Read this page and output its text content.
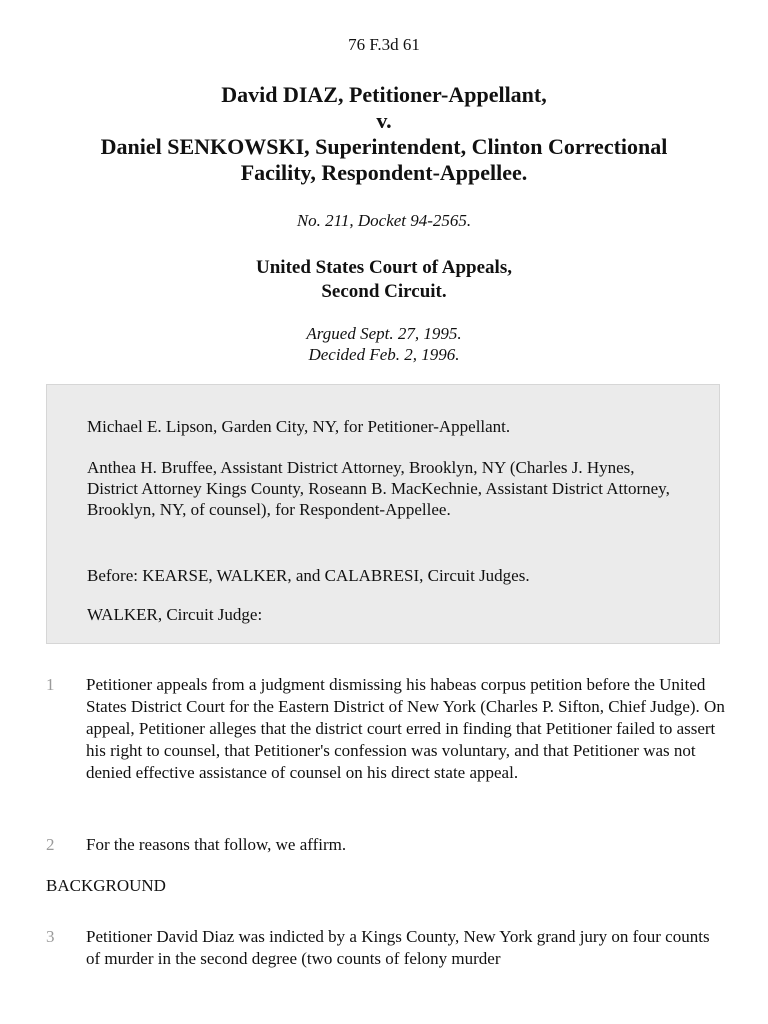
76 F.3d 61
David DIAZ, Petitioner-Appellant,
v.
Daniel SENKOWSKI, Superintendent, Clinton Correctional
Facility, Respondent-Appellee.
No. 211, Docket 94-2565.
United States Court of Appeals,
Second Circuit.
Argued Sept. 27, 1995.
Decided Feb. 2, 1996.

Michael E. Lipson, Garden City, NY, for Petitioner-Appellant.

Anthea H. Bruffee, Assistant District Attorney, Brooklyn, NY (Charles J. Hynes, District Attorney Kings County, Roseann B. MacKechnie, Assistant District Attorney, Brooklyn, NY, of counsel), for Respondent-Appellee.

Before: KEARSE, WALKER, and CALABRESI, Circuit Judges.

WALKER, Circuit Judge:

1 Petitioner appeals from a judgment dismissing his habeas corpus petition before the United States District Court for the Eastern District of New York (Charles P. Sifton, Chief Judge). On appeal, Petitioner alleges that the district court erred in finding that Petitioner failed to assert his right to counsel, that Petitioner's confession was voluntary, and that Petitioner was not denied effective assistance of counsel on his direct state appeal.

2 For the reasons that follow, we affirm.

BACKGROUND
3 Petitioner David Diaz was indicted by a Kings County, New York grand jury on four counts of murder in the second degree (two counts of felony murder
